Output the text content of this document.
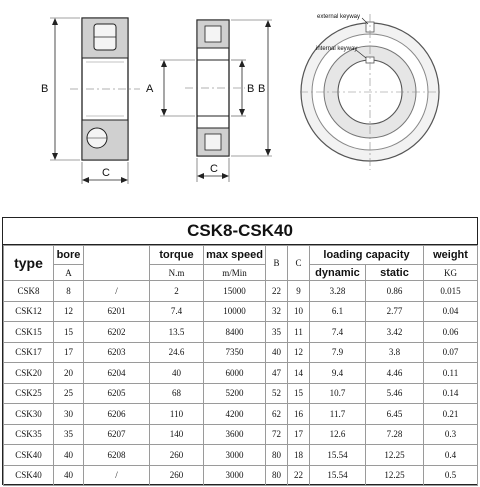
B
C
A	B B
C
external keyway
internal keyway
CSK8-CSK40
type	bore		torque	max speed	B	C	loading capacity		weight
	A		N.m	m/Min			dynamic	static	KG
CSK8	8	/	2	15000	22	9	3.28	0.86	0.015
CSK12	12	6201	7.4	10000	32	10	6.1	2.77	0.04
CSK15	15	6202	13.5	8400	35	11	7.4	3.42	0.06
CSK17	17	6203	24.6	7350	40	12	7.9	3.8	0.07
CSK20	20	6204	40	6000	47	14	9.4	4.46	0.11
CSK25	25	6205	68	5200	52	15	10.7	5.46	0.14
CSK30	30	6206	110	4200	62	16	11.7	6.45	0.21
CSK35	35	6207	140	3600	72	17	12.6	7.28	0.3
CSK40	40	6208	260	3000	80	18	15.54	12.25	0.4
CSK40	40	/	260	3000	80	22	15.54	12.25	0.5
